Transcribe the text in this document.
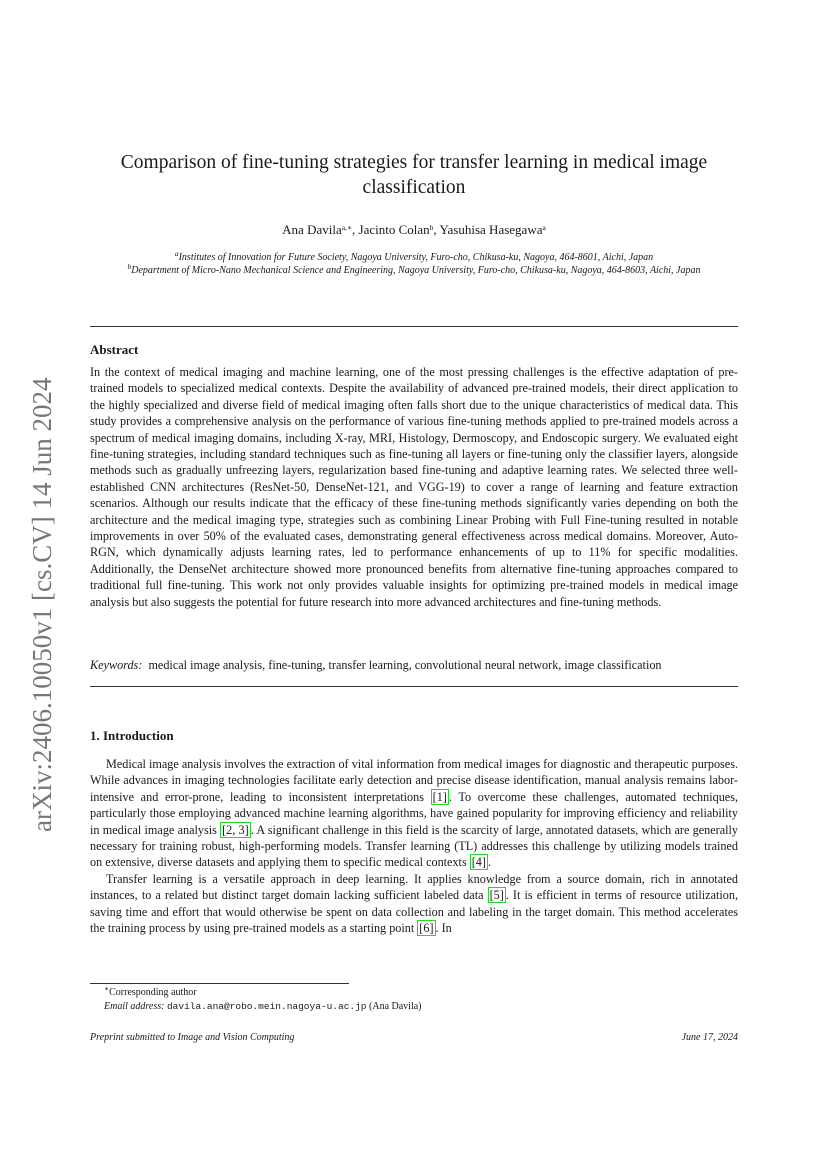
arXiv:2406.10050v1 [cs.CV] 14 Jun 2024
Comparison of fine-tuning strategies for transfer learning in medical image classification
Ana Davila$^{a,∗}$, Jacinto Colan$^b$, Yasuhisa Hasegawa$^a$
$^a$Institutes of Innovation for Future Society, Nagoya University, Furo-cho, Chikusa-ku, Nagoya, 464-8601, Aichi, Japan
$^b$Department of Micro-Nano Mechanical Science and Engineering, Nagoya University, Furo-cho, Chikusa-ku, Nagoya, 464-8603, Aichi, Japan
Abstract

In the context of medical imaging and machine learning, one of the most pressing challenges is the effective adaptation of pre-trained models to specialized medical contexts. Despite the availability of advanced pre-trained models, their direct application to the highly specialized and diverse field of medical imaging often falls short due to the unique characteristics of medical data. This study provides a comprehensive analysis on the performance of various fine-tuning methods applied to pre-trained models across a spectrum of medical imaging domains, including X-ray, MRI, Histology, Dermoscopy, and Endoscopic surgery. We evaluated eight fine-tuning strategies, including standard techniques such as fine-tuning all layers or fine-tuning only the classifier layers, alongside methods such as gradually unfreezing layers, regularization based fine-tuning and adaptive learning rates. We selected three well-established CNN architectures (ResNet-50, DenseNet-121, and VGG-19) to cover a range of learning and feature extraction scenarios. Although our results indicate that the efficacy of these fine-tuning methods significantly varies depending on both the architecture and the medical imaging type, strategies such as combining Linear Probing with Full Fine-tuning resulted in notable improvements in over 50% of the evaluated cases, demonstrating general effectiveness across medical domains. Moreover, Auto-RGN, which dynamically adjusts learning rates, led to performance enhancements of up to 11% for specific modalities. Additionally, the DenseNet architecture showed more pronounced benefits from alternative fine-tuning approaches compared to traditional full fine-tuning. This work not only provides valuable insights for optimizing pre-trained models in medical image analysis but also suggests the potential for future research into more advanced architectures and fine-tuning methods.

Keywords: medical image analysis, fine-tuning, transfer learning, convolutional neural network, image classification
1. Introduction

Medical image analysis involves the extraction of vital information from medical images for diagnostic and therapeutic purposes. While advances in imaging technologies facilitate early detection and precise disease identification, manual analysis remains labor-intensive and error-prone, leading to inconsistent interpretations [1] . To overcome these challenges, automated techniques, particularly those employing advanced machine learning algorithms, have gained popularity for improving efficiency and reliability in medical image analysis [2, 3] . A significant challenge in this field is the scarcity of large, annotated datasets, which are generally necessary for training robust, high-performing models. Transfer learning (TL) addresses this challenge by utilizing models trained on extensive, diverse datasets and applying them to specific medical contexts [4] .

Transfer learning is a versatile approach in deep learning. It applies knowledge from a source domain, rich in annotated instances, to a related but distinct target domain lacking sufficient labeled data [5] . It is efficient in terms of resource utilization, saving time and effort that would otherwise be spent on data collection and labeling in the target domain. This method accelerates the training process by using pre-trained models as a starting point [6] . In

∗Corresponding author
Email address: davila.ana@robo.mein.nagoya-u.ac.jp (Ana Davila)
Preprint submitted to Image and Vision Computing	June 17, 2024
